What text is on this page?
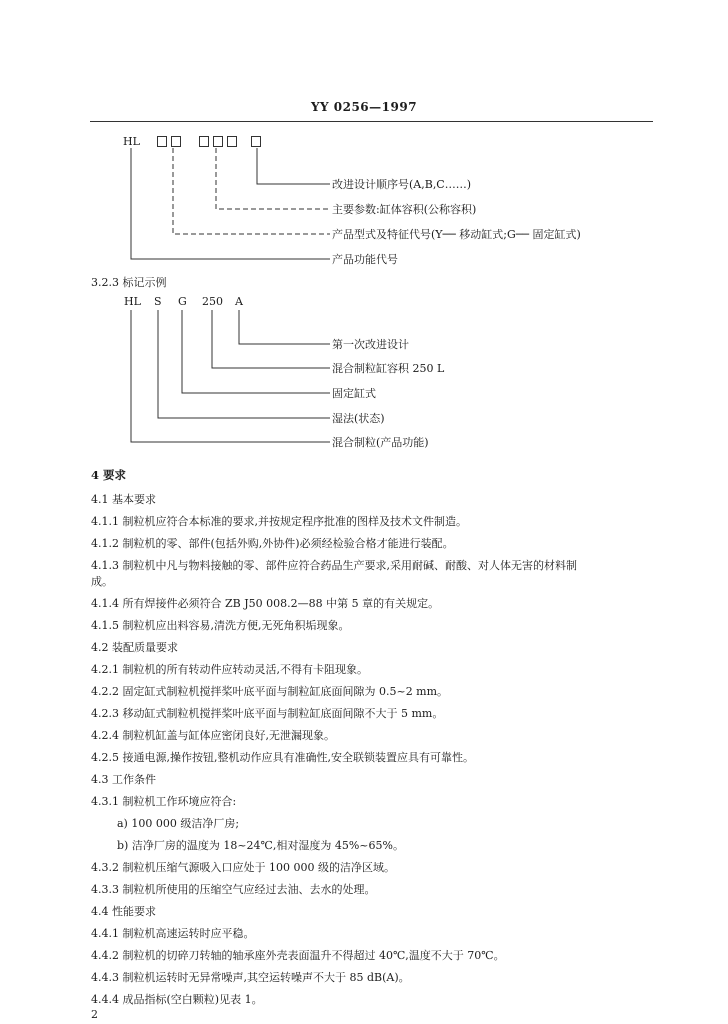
YY 0256—1997
HL
改进设计顺序号(A,B,C……)
主要参数:缸体容积(公称容积)
产品型式及特征代号(Y── 移动缸式;G── 固定缸式)
产品功能代号
3.2.3 标记示例
HL S G 250 A
第一次改进设计
混合制粒缸容积 250 L
固定缸式
湿法(状态)
混合制粒(产品功能)
4 要求
4.1 基本要求
4.1.1 制粒机应符合本标准的要求,并按规定程序批准的图样及技术文件制造。
4.1.2 制粒机的零、部件(包括外购,外协件)必须经检验合格才能进行装配。
4.1.3 制粒机中凡与物料接触的零、部件应符合药品生产要求,采用耐碱、耐酸、对人体无害的材料制
成。
4.1.4 所有焊接件必须符合 ZB J50 008.2—88 中第 5 章的有关规定。
4.1.5 制粒机应出料容易,清洗方便,无死角积垢现象。
4.2 装配质量要求
4.2.1 制粒机的所有转动件应转动灵活,不得有卡阻现象。
4.2.2 固定缸式制粒机搅拌桨叶底平面与制粒缸底面间隙为 0.5~2 mm。
4.2.3 移动缸式制粒机搅拌桨叶底平面与制粒缸底面间隙不大于 5 mm。
4.2.4 制粒机缸盖与缸体应密闭良好,无泄漏现象。
4.2.5 接通电源,操作按钮,整机动作应具有准确性,安全联锁装置应具有可靠性。
4.3 工作条件
4.3.1 制粒机工作环境应符合:
a) 100 000 级洁净厂房;
b) 洁净厂房的温度为 18~24℃,相对湿度为 45%~65%。
4.3.2 制粒机压缩气源吸入口应处于 100 000 级的洁净区域。
4.3.3 制粒机所使用的压缩空气应经过去油、去水的处理。
4.4 性能要求
4.4.1 制粒机高速运转时应平稳。
4.4.2 制粒机的切碎刀转轴的轴承座外壳表面温升不得超过 40℃,温度不大于 70℃。
4.4.3 制粒机运转时无异常噪声,其空运转噪声不大于 85 dB(A)。
4.4.4 成品指标(空白颗粒)见表 1。
2
